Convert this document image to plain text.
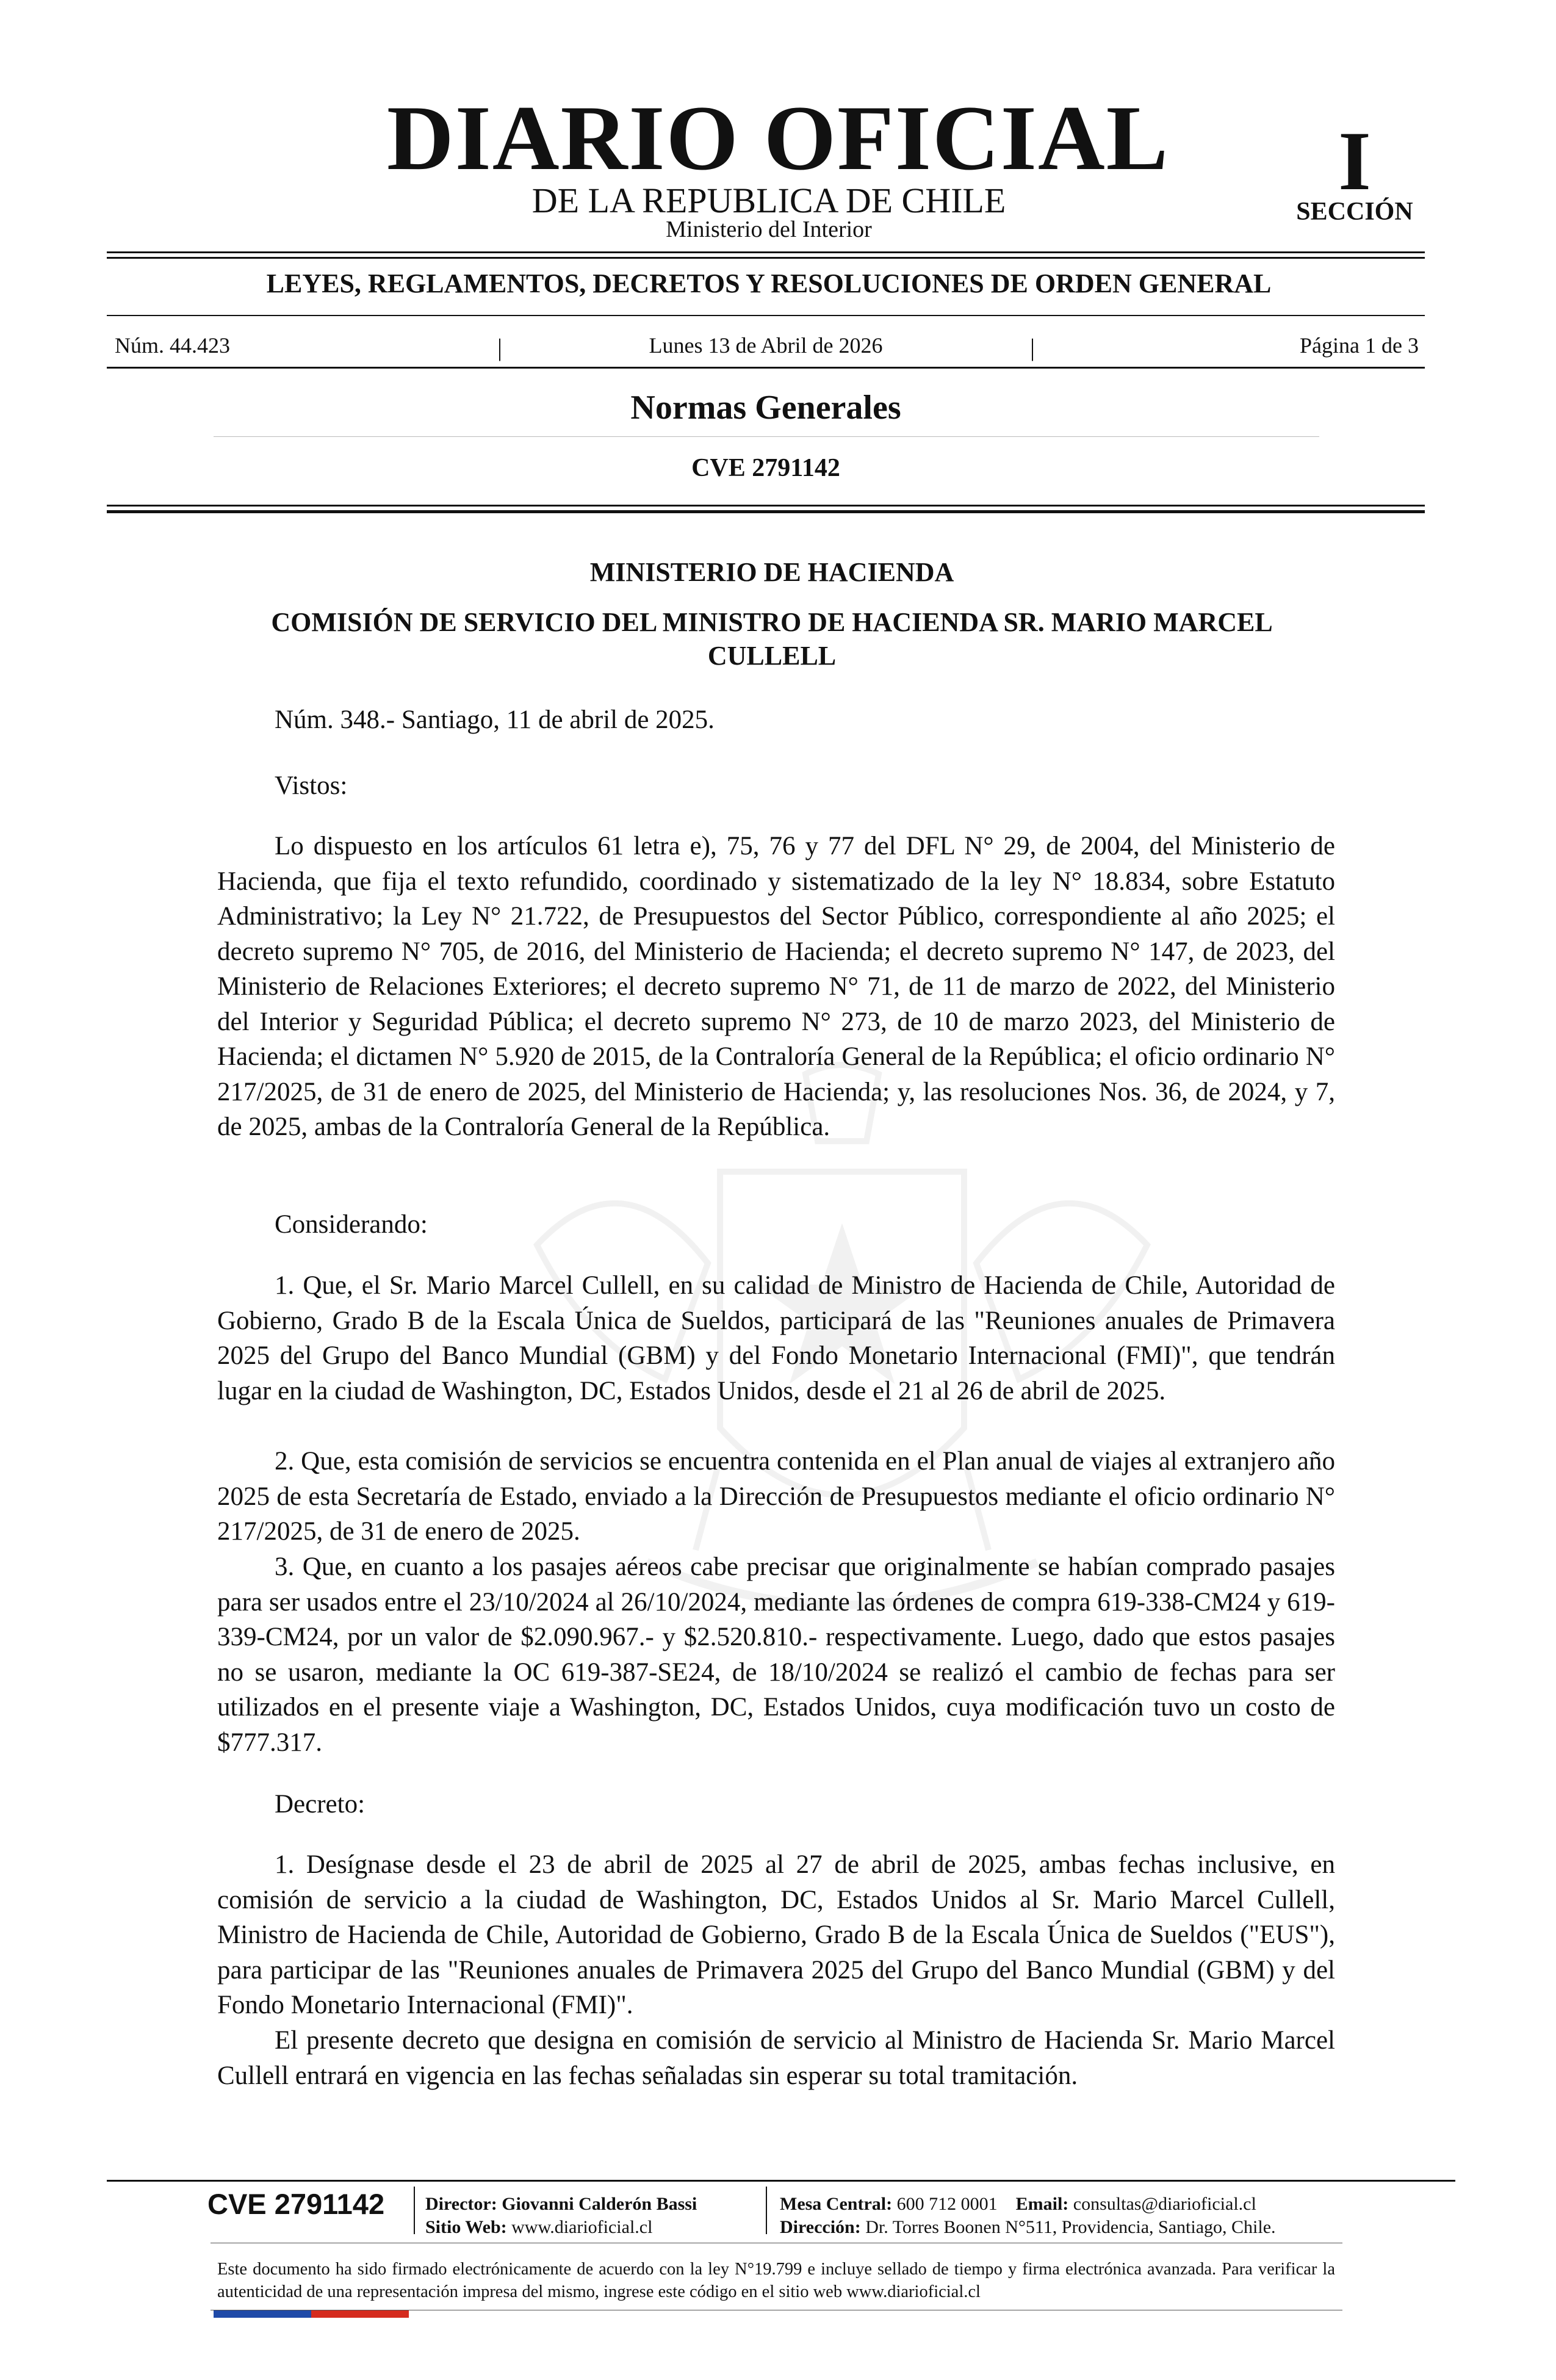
DIARIO OFICIAL
DE LA REPUBLICA DE CHILE
Ministerio del Interior
I
SECCIÓN
LEYES, REGLAMENTOS, DECRETOS Y RESOLUCIONES DE ORDEN GENERAL
Núm. 44.423	|	Lunes 13 de Abril de 2026	|	Página 1 de 3
Normas Generales
CVE 2791142
MINISTERIO DE HACIENDA
COMISIÓN DE SERVICIO DEL MINISTRO DE HACIENDA SR. MARIO MARCEL CULLELL
Núm. 348.- Santiago, 11 de abril de 2025.
Vistos:

Lo dispuesto en los artículos 61 letra e), 75, 76 y 77 del DFL N° 29, de 2004, del Ministerio de Hacienda, que fija el texto refundido, coordinado y sistematizado de la ley N° 18.834, sobre Estatuto Administrativo; la Ley N° 21.722, de Presupuestos del Sector Público, correspondiente al año 2025; el decreto supremo N° 705, de 2016, del Ministerio de Hacienda; el decreto supremo N° 147, de 2023, del Ministerio de Relaciones Exteriores; el decreto supremo N° 71, de 11 de marzo de 2022, del Ministerio del Interior y Seguridad Pública; el decreto supremo N° 273, de 10 de marzo 2023, del Ministerio de Hacienda; el dictamen N° 5.920 de 2015, de la Contraloría General de la República; el oficio ordinario N° 217/2025, de 31 de enero de 2025, del Ministerio de Hacienda; y, las resoluciones Nos. 36, de 2024, y 7, de 2025, ambas de la Contraloría General de la República.

Considerando:

1. Que, el Sr. Mario Marcel Cullell, en su calidad de Ministro de Hacienda de Chile, Autoridad de Gobierno, Grado B de la Escala Única de Sueldos, participará de las "Reuniones anuales de Primavera 2025 del Grupo del Banco Mundial (GBM) y del Fondo Monetario Internacional (FMI)", que tendrán lugar en la ciudad de Washington, DC, Estados Unidos, desde el 21 al 26 de abril de 2025.

2. Que, esta comisión de servicios se encuentra contenida en el Plan anual de viajes al extranjero año 2025 de esta Secretaría de Estado, enviado a la Dirección de Presupuestos mediante el oficio ordinario N° 217/2025, de 31 de enero de 2025.

3. Que, en cuanto a los pasajes aéreos cabe precisar que originalmente se habían comprado pasajes para ser usados entre el 23/10/2024 al 26/10/2024, mediante las órdenes de compra 619-338-CM24 y 619-339-CM24, por un valor de $2.090.967.- y $2.520.810.- respectivamente. Luego, dado que estos pasajes no se usaron, mediante la OC 619-387-SE24, de 18/10/2024 se realizó el cambio de fechas para ser utilizados en el presente viaje a Washington, DC, Estados Unidos, cuya modificación tuvo un costo de $777.317.

Decreto:

1. Desígnase desde el 23 de abril de 2025 al 27 de abril de 2025, ambas fechas inclusive, en comisión de servicio a la ciudad de Washington, DC, Estados Unidos al Sr. Mario Marcel Cullell, Ministro de Hacienda de Chile, Autoridad de Gobierno, Grado B de la Escala Única de Sueldos ("EUS"), para participar de las "Reuniones anuales de Primavera 2025 del Grupo del Banco Mundial (GBM) y del Fondo Monetario Internacional (FMI)".

El presente decreto que designa en comisión de servicio al Ministro de Hacienda Sr. Mario Marcel Cullell entrará en vigencia en las fechas señaladas sin esperar su total tramitación.

CVE 2791142	Director: Giovanni Calderón Bassi
Sitio Web: www.diarioficial.cl
Mesa Central: 600 712 0001 Email: consultas@diarioficial.cl
Dirección: Dr. Torres Boonen N°511, Providencia, Santiago, Chile.

Este documento ha sido firmado electrónicamente de acuerdo con la ley N°19.799 e incluye sellado de tiempo y firma electrónica avanzada. Para verificar la autenticidad de una representación impresa del mismo, ingrese este código en el sitio web www.diarioficial.cl
